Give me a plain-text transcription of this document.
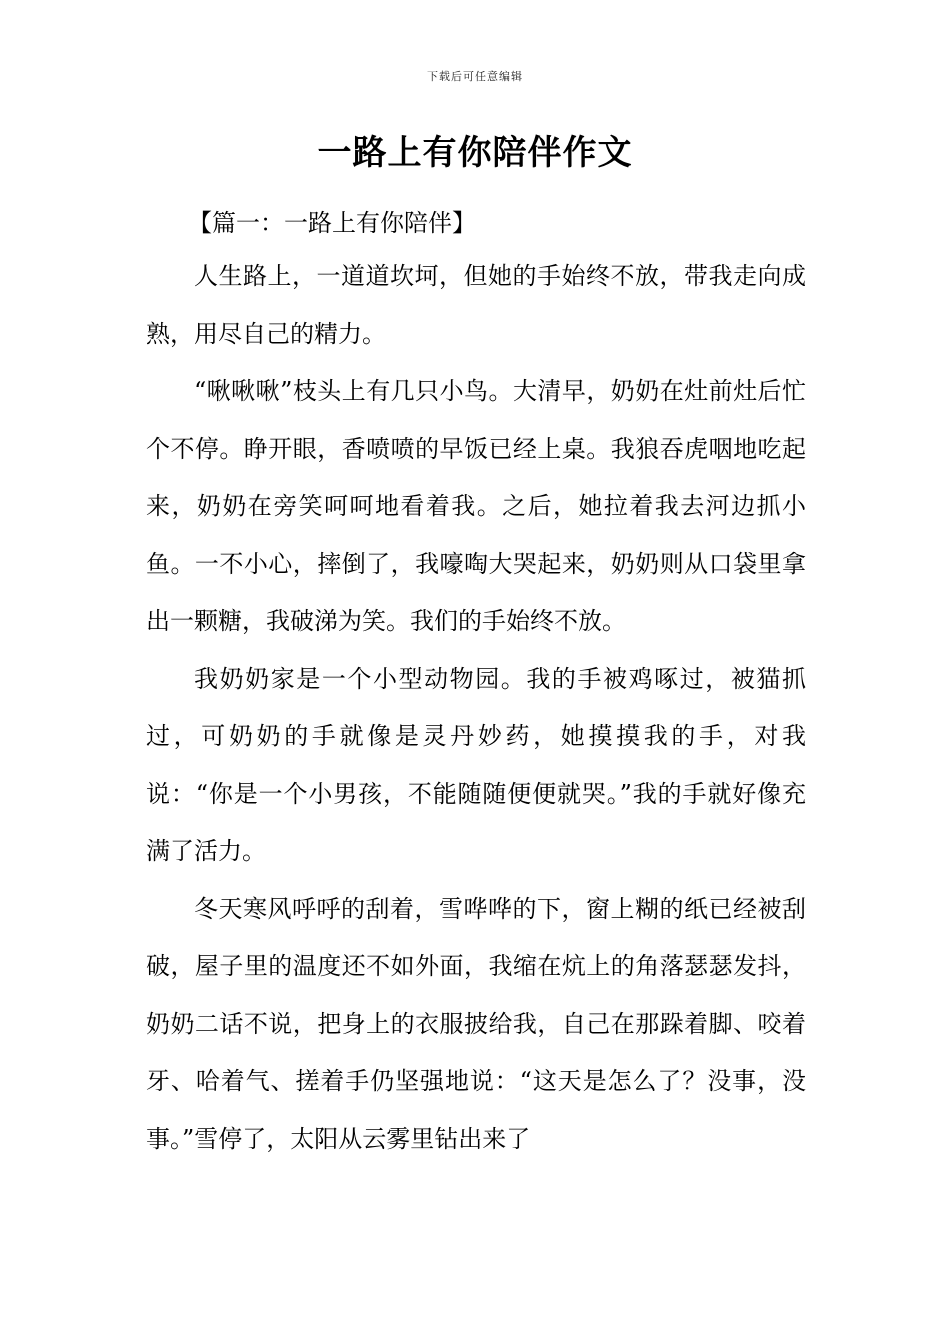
下载后可任意编辑
一路上有你陪伴作文
【篇一：一路上有你陪伴】

人生路上，一道道坎坷，但她的手始终不放，带我走向成熟，用尽自己的精力。

“啾啾啾”枝头上有几只小鸟。大清早，奶奶在灶前灶后忙个不停。睁开眼，香喷喷的早饭已经上桌。我狼吞虎咽地吃起来，奶奶在旁笑呵呵地看着我。之后，她拉着我去河边抓小鱼。一不小心，摔倒了，我嚎啕大哭起来，奶奶则从口袋里拿出一颗糖，我破涕为笑。我们的手始终不放。

我奶奶家是一个小型动物园。我的手被鸡啄过，被猫抓过，可奶奶的手就像是灵丹妙药，她摸摸我的手，对我说：“你是一个小男孩，不能随随便便就哭。”我的手就好像充满了活力。

冬天寒风呼呼的刮着，雪哗哗的下，窗上糊的纸已经被刮破，屋子里的温度还不如外面，我缩在炕上的角落瑟瑟发抖，奶奶二话不说，把身上的衣服披给我，自己在那跺着脚、咬着牙、哈着气、搓着手仍坚强地说：“这天是怎么了？没事，没事。”雪停了，太阳从云雾里钻出来了
